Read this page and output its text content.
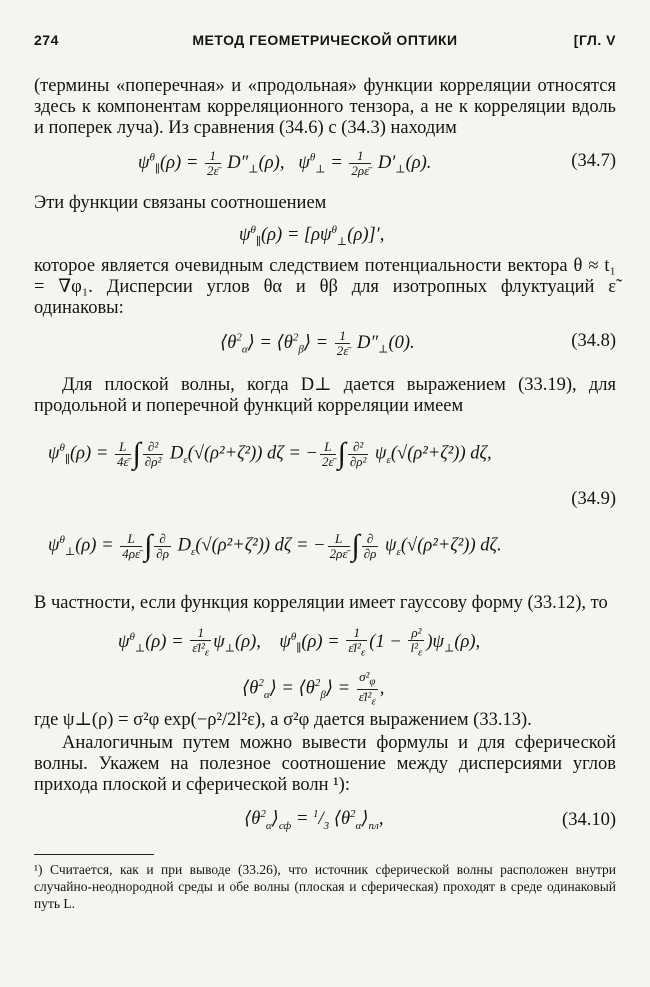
274	МЕТОД ГЕОМЕТРИЧЕСКОЙ ОПТИКИ	[ГЛ. V

(термины «поперечная» и «продольная» функции корреляции относятся здесь к компонентам корреляционного тензора, а не к корреляции вдоль и поперек луча). Из сравнения (34.6) с (34.3) находим

$\psi^\theta_\parallel(\rho) = \frac{1}{2\varepsilon̄} D''_\perp(\rho)$,   $\psi^\theta_\perp = \frac{1}{2\rho\varepsilon̄} D'_\perp(\rho)$.	(34.7)

Эти функции связаны соотношением

$\psi^\theta_\parallel(\rho) = [\rho\psi^\theta_\perp(\rho)]'$,

которое является очевидным следствием потенциальности вектора θ ≈ t₁ = ∇φ₁. Дисперсии углов θα и θβ для изотропных флуктуаций ε̃ одинаковы:

$⟨\theta^2_\alpha⟩$ = $⟨\theta^2_\beta⟩ = \frac{1}{2\varepsilon̄} D''_\perp(0)$.	(34.8)

Для плоской волны, когда D⊥ дается выражением (33.19), для продольной и поперечной функций корреляции имеем

$\psi^\theta_\parallel(\rho) = \frac{L}{4\varepsilon̄}$ ∫ $\frac{\text{∂²}}{\text{∂ρ²}} D_\varepsilon(√(\rho^2+\zeta^2)) d\zeta$ = − $\frac{L}{2\varepsilon̄}$ ∫ $\frac{\text{∂²}}{\text{∂ρ²}} \psi_\varepsilon(√(\rho^2+\zeta^2))$ dζ,
(34.9)
$\psi^\theta_\perp(\rho) = \frac{L}{4\rho\varepsilon̄}$ ∫ $\frac{\partial}{\partial\rho} D_\varepsilon(√(\rho^2+\zeta^2)) d\zeta$ = − $\frac{L}{2\rho\varepsilon̄}$ ∫ $\frac{\partial}{\partial\rho} \psi_\varepsilon(√(\rho^2+\zeta^2))$ dζ.

В частности, если функция корреляции имеет гауссову форму (33.12), то

$\psi^\theta_\perp(\rho) = \frac{1}{\varepsilon̄l^2_\varepsilon} \psi_\perp(\rho)$,    $\psi^\theta_\parallel(\rho) = \frac{1}{\varepsilon̄l^2_\varepsilon} (1 - \frac{\text{ρ²}}{l^2_\varepsilon} )\psi_\perp(\rho)$,
$⟨\theta^2_\alpha⟩$ = $⟨\theta^2_\beta⟩ = \frac{\sigma^2_\varphi}{\varepsilon̄l^2_\varepsilon}$ ,

где ψ⊥(ρ) = σ²φ exp(−ρ²/2l²ε), а σ²φ дается выражением (33.13).

Аналогичным путем можно вывести формулы и для сферической волны. Укажем на полезное соотношение между дисперсиями углов прихода плоской и сферической волн ¹):

$⟨\theta^2_\alpha⟩_{сф} = ^1/_3$ $⟨\theta^2_\alpha⟩_{пл}$,	(34.10)

¹) Считается, как и при выводе (33.26), что источник сферической волны расположен внутри случайно-неоднородной среды и обе волны (плоская и сферическая) проходят в среде одинаковый путь L.
